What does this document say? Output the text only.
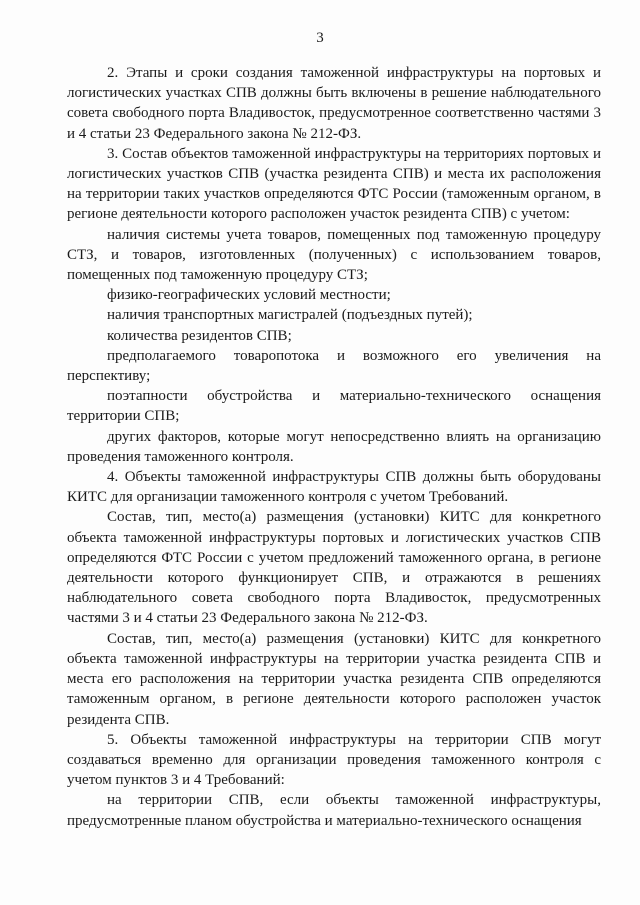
3

2. Этапы и сроки создания таможенной инфраструктуры на портовых и логистических участках СПВ должны быть включены в решение наблюдательного совета свободного порта Владивосток, предусмотренное соответственно частями 3 и 4 статьи 23 Федерального закона № 212-ФЗ.

3. Состав объектов таможенной инфраструктуры на территориях портовых и логистических участков СПВ (участка резидента СПВ) и места их расположения на территории таких участков определяются ФТС России (таможенным органом, в регионе деятельности которого расположен участок резидента СПВ) с учетом:

наличия системы учета товаров, помещенных под таможенную процедуру СТЗ, и товаров, изготовленных (полученных) с использованием товаров, помещенных под таможенную процедуру СТЗ;

физико-географических условий местности;

наличия транспортных магистралей (подъездных путей);

количества резидентов СПВ;

предполагаемого товаропотока и возможного его увеличения на перспективу;

поэтапности обустройства и материально-технического оснащения территории СПВ;

других факторов, которые могут непосредственно влиять на организацию проведения таможенного контроля.

4. Объекты таможенной инфраструктуры СПВ должны быть оборудованы КИТС для организации таможенного контроля с учетом Требований.

Состав, тип, место(а) размещения (установки) КИТС для конкретного объекта таможенной инфраструктуры портовых и логистических участков СПВ определяются ФТС России с учетом предложений таможенного органа, в регионе деятельности которого функционирует СПВ, и отражаются в решениях наблюдательного совета свободного порта Владивосток, предусмотренных частями 3 и 4 статьи 23 Федерального закона № 212-ФЗ.

Состав, тип, место(а) размещения (установки) КИТС для конкретного объекта таможенной инфраструктуры на территории участка резидента СПВ и места его расположения на территории участка резидента СПВ определяются таможенным органом, в регионе деятельности которого расположен участок резидента СПВ.

5. Объекты таможенной инфраструктуры на территории СПВ могут создаваться временно для организации проведения таможенного контроля с учетом пунктов 3 и 4 Требований:

на территории СПВ, если объекты таможенной инфраструктуры, предусмотренные планом обустройства и материально-технического оснащения
